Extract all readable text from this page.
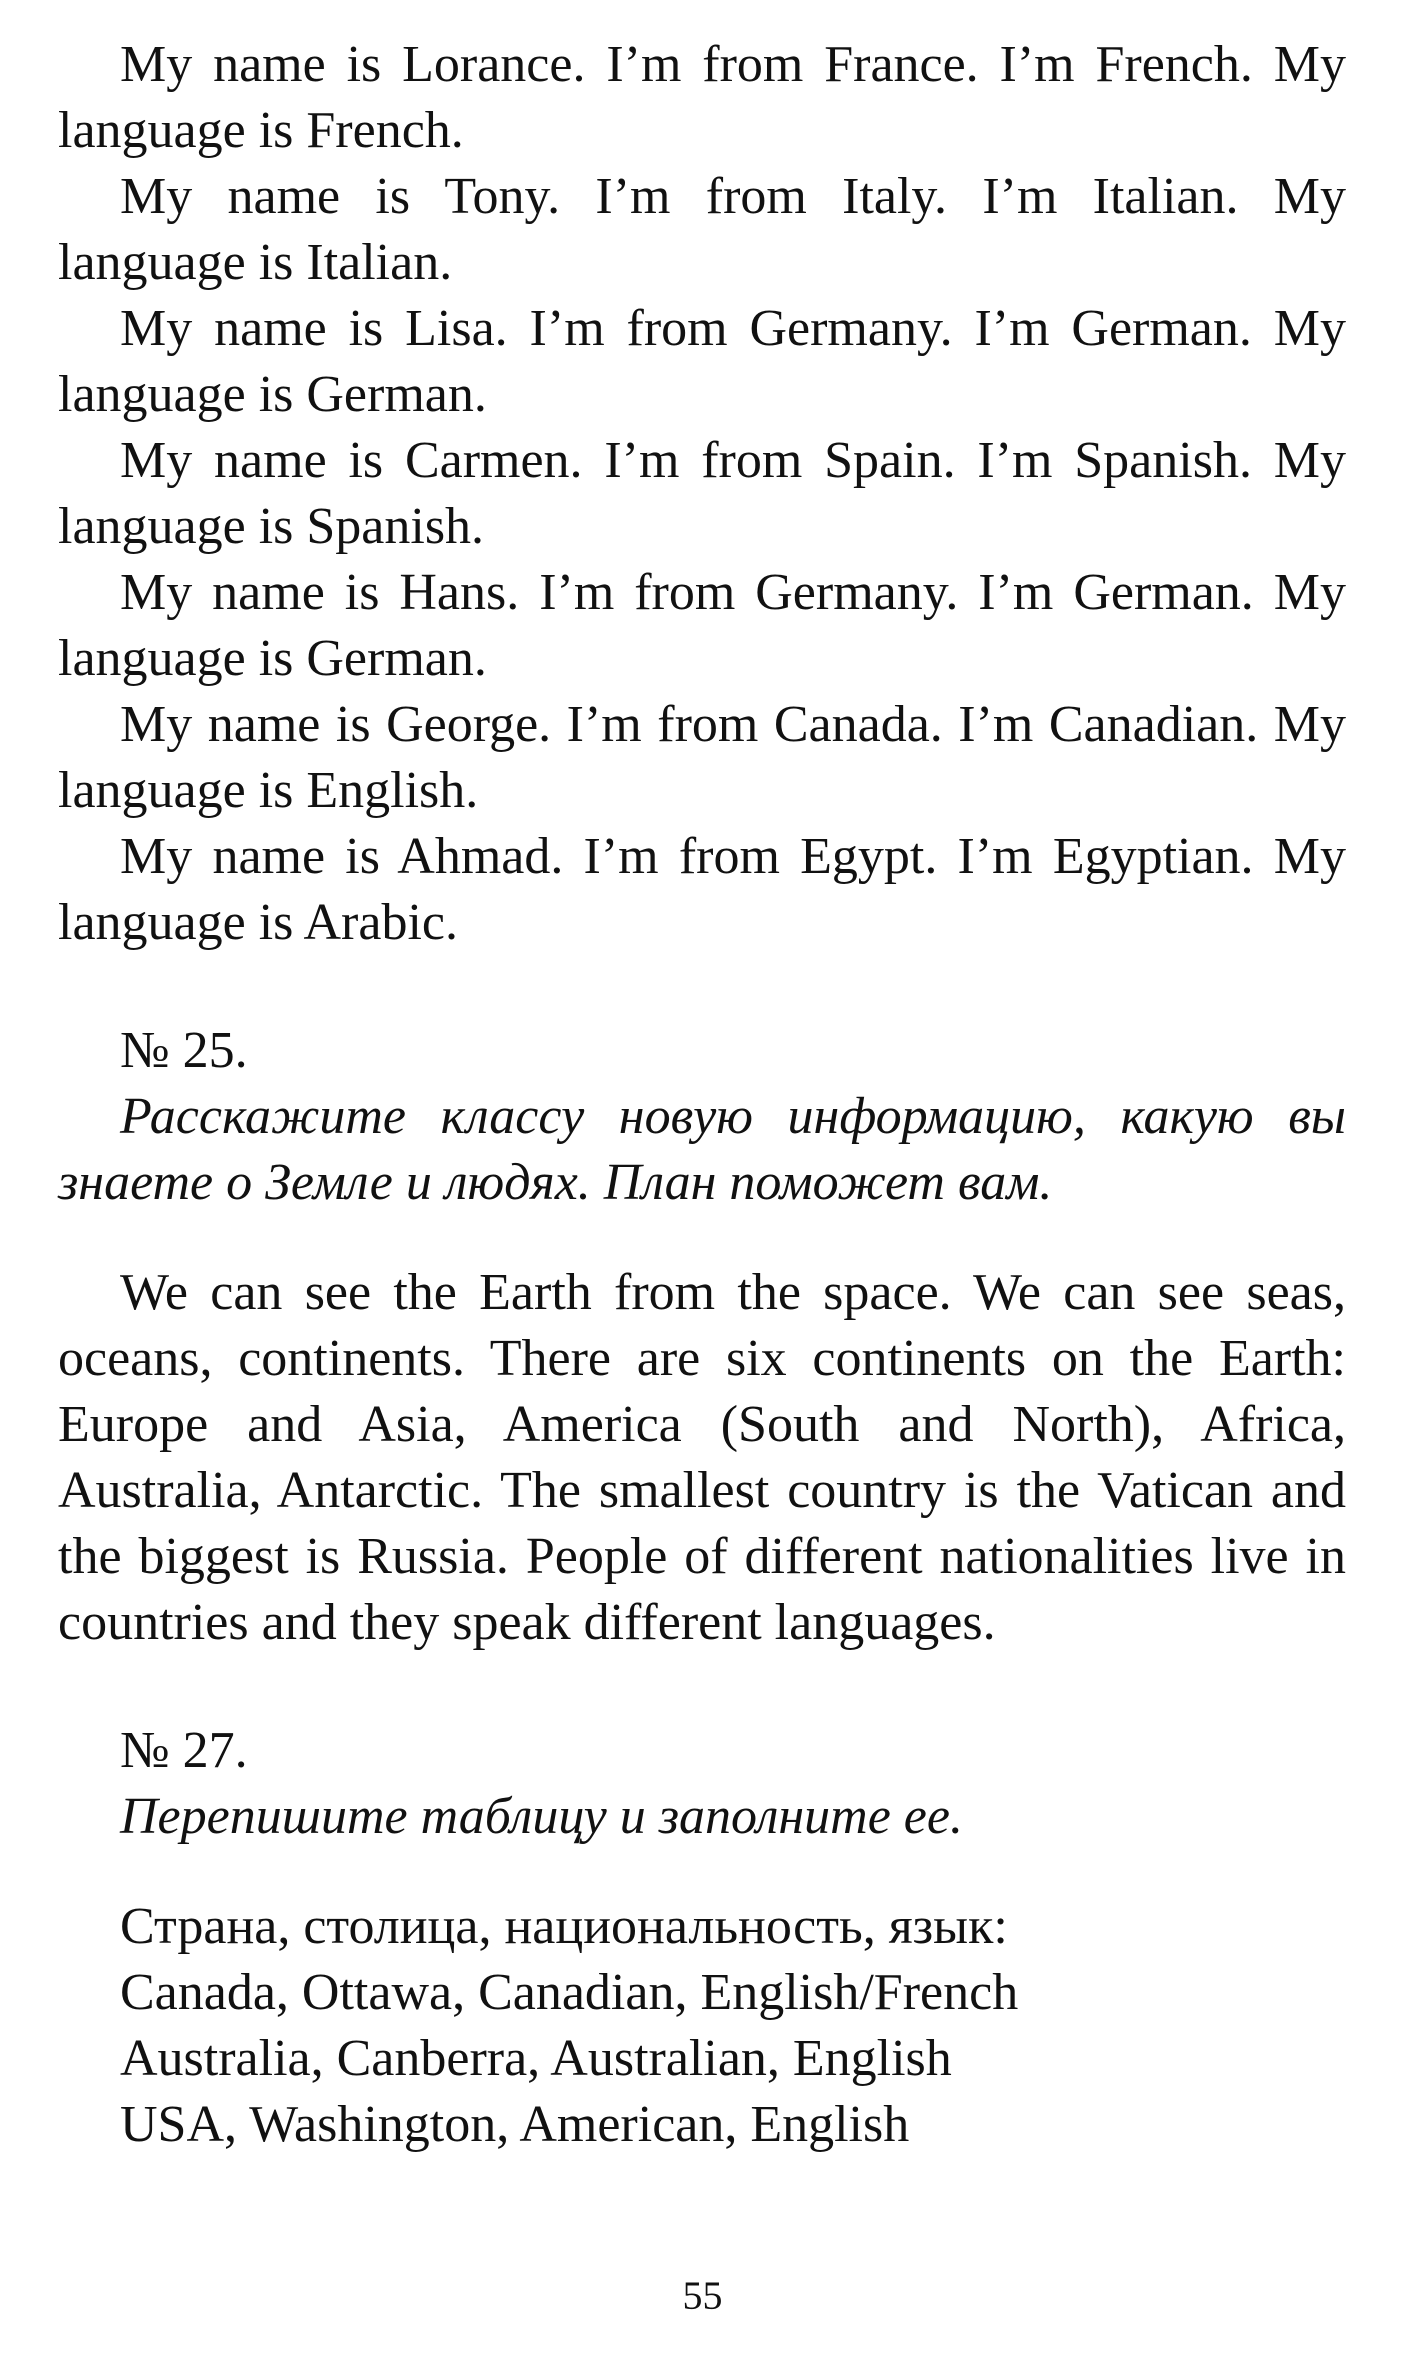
My name is Lorance. I’m from France. I’m French. My language is French.

My name is Tony. I’m from Italy. I’m Italian. My language is Italian.

My name is Lisa. I’m from Germany. I’m German. My language is German.

My name is Carmen. I’m from Spain. I’m Spanish. My language is Spanish.

My name is Hans. I’m from Germany. I’m German. My language is German.

My name is George. I’m from Canada. I’m Canadian. My language is English.

My name is Ahmad. I’m from Egypt. I’m Egyptian. My language is Arabic.

№ 25.

Расскажите классу новую информацию, какую вы знаете о Земле и людях. План поможет вам.

We can see the Earth from the space. We can see seas, oceans, continents. There are six continents on the Earth: Europe and Asia, America (South and North), Africa, Australia, Antarctic. The smallest country is the Vatican and the biggest is Russia. People of different nationalities live in countries and they speak different languages.

№ 27.

Перепишите таблицу и заполните ее.

Страна, столица, национальность, язык:
Canada, Ottawa, Canadian, English/French
Australia, Canberra, Australian, English
USA, Washington, American, English
55
